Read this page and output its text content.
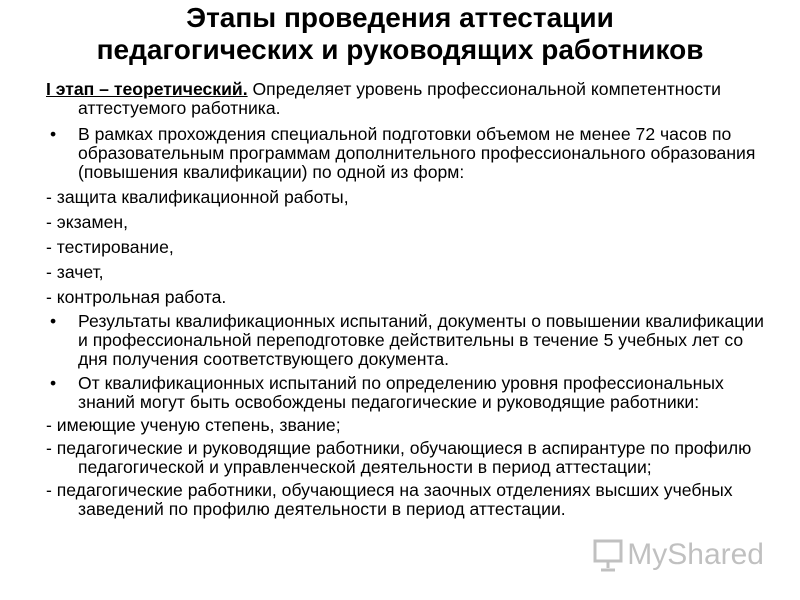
Этапы проведения аттестации
педагогических и руководящих работников
I этап – теоретический. Определяет уровень профессиональной компетентности аттестуемого работника.
• В рамках прохождения специальной подготовки объемом не менее 72 часов по образовательным программам дополнительного профессионального образования (повышения квалификации) по одной из форм:
- защита квалификационной работы,
- экзамен,
- тестирование,
- зачет,
- контрольная работа.
• Результаты квалификационных испытаний, документы о повышении квалификации и профессиональной переподготовке действительны в течение 5 учебных лет со дня получения соответствующего документа.
• От квалификационных испытаний по определению уровня профессиональных знаний могут быть освобождены педагогические и руководящие работники:
- имеющие ученую степень, звание;
- педагогические и руководящие работники, обучающиеся в аспирантуре по профилю педагогической и управленческой деятельности в период аттестации;
- педагогические работники, обучающиеся на заочных отделениях высших учебных заведений по профилю деятельности в период аттестации.
MyShared
